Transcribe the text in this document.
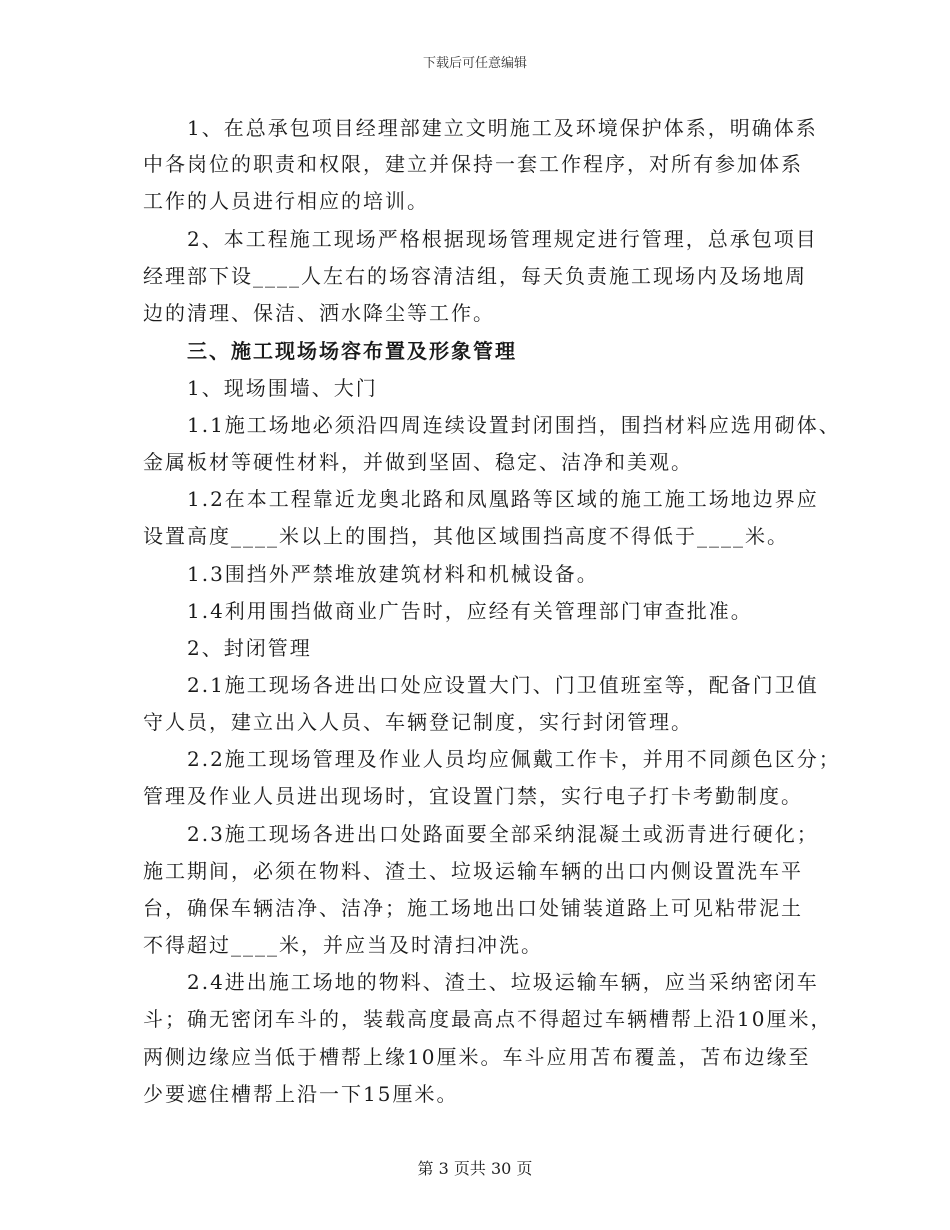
下载后可任意编辑
1、在总承包项目经理部建立文明施工及环境保护体系，明确体系
中各岗位的职责和权限，建立并保持一套工作程序，对所有参加体系
工作的人员进行相应的培训。
2、本工程施工现场严格根据现场管理规定进行管理，总承包项目
经理部下设____人左右的场容清洁组，每天负责施工现场内及场地周
边的清理、保洁、洒水降尘等工作。
三、施工现场场容布置及形象管理
1、现场围墙、大门
1.1施工场地必须沿四周连续设置封闭围挡，围挡材料应选用砌体、
金属板材等硬性材料，并做到坚固、稳定、洁净和美观。
1.2在本工程靠近龙奥北路和凤凰路等区域的施工施工场地边界应
设置高度____米以上的围挡，其他区域围挡高度不得低于____米。
1.3围挡外严禁堆放建筑材料和机械设备。
1.4利用围挡做商业广告时，应经有关管理部门审查批准。
2、封闭管理
2.1施工现场各进出口处应设置大门、门卫值班室等，配备门卫值
守人员，建立出入人员、车辆登记制度，实行封闭管理。
2.2施工现场管理及作业人员均应佩戴工作卡，并用不同颜色区分；
管理及作业人员进出现场时，宜设置门禁，实行电子打卡考勤制度。
2.3施工现场各进出口处路面要全部采纳混凝土或沥青进行硬化；
施工期间，必须在物料、渣土、垃圾运输车辆的出口内侧设置洗车平
台，确保车辆洁净、洁净；施工场地出口处铺装道路上可见粘带泥土
不得超过____米，并应当及时清扫冲洗。
2.4进出施工场地的物料、渣土、垃圾运输车辆，应当采纳密闭车
斗；确无密闭车斗的，装载高度最高点不得超过车辆槽帮上沿10厘米，
两侧边缘应当低于槽帮上缘10厘米。车斗应用苫布覆盖，苫布边缘至
少要遮住槽帮上沿一下15厘米。
第 3 页共 30 页
